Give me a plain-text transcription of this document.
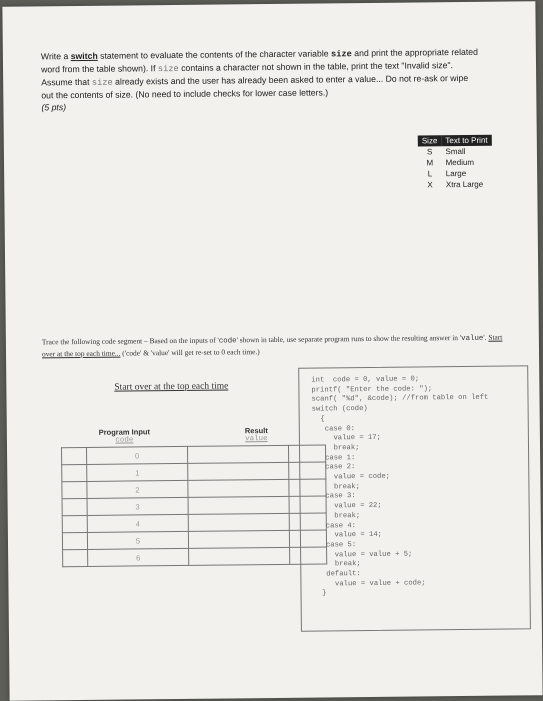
Write a switch statement to evaluate the contents of the character variable size and print the appropriate related word from the table shown). If size contains a character not shown in the table, print the text "Invalid size". Assume that size already exists and the user has already been asked to enter a value... Do not re-ask or wipe out the contents of size. (No need to include checks for lower case letters.)
(5 pts)
Size	Text to Print
S	Small
M	Medium
L	Large
X	Xtra Large
Trace the following code segment – Based on the inputs of 'code' shown in table, use separate program runs to show the resulting answer in 'value'. Start over at the top each time... ('code' & 'value' will get re-set to 0 each time.)
Start over at the top each time
Program Input
code		Result
value	

	0		
	1		
	2		
	3		
	4		
	5		
	6		
int  code = 0, value = 0;
printf( "Enter the code: ");
scanf( "%d", &code); //from table on left
switch (code)
{
case 0:
value = 17;
break;
case 1:
case 2:
value = code;
break;
case 3:
value = 22;
break;
case 4:
value = 14;
case 5:
value = value + 5;
break;
default:
value = value + code;
}
